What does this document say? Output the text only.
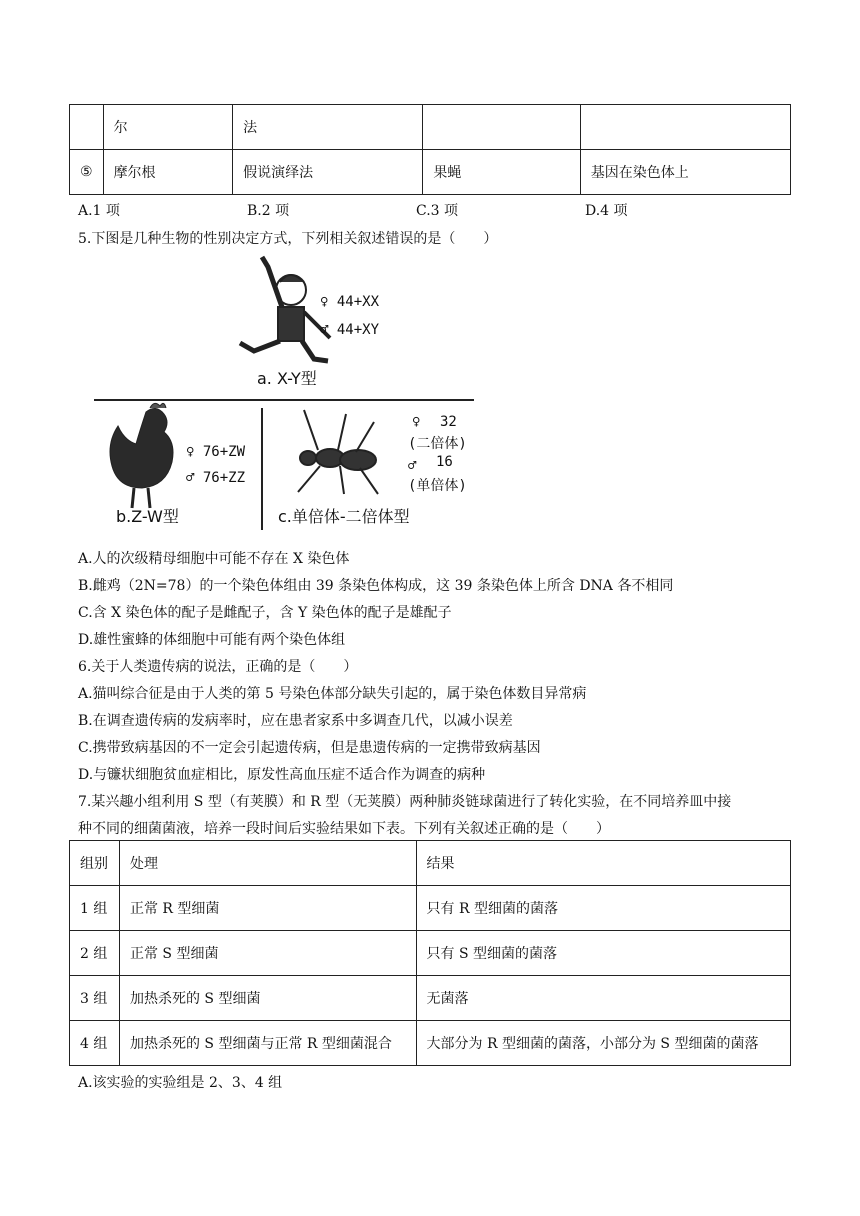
	尔	法		
⑤	摩尔根	假说演绎法	果蝇	基因在染色体上
A.1 项	B.2 项	C.3 项	D.4 项
5.下图是几种生物的性别决定方式，下列相关叙述错误的是（　　）
♀ 44+XX
♂ 44+XY
a. X-Y型
♀ 76+ZW
♂ 76+ZZ
b.Z-W型
♀ 32
(二倍体)
♂ 16
(单倍体)
c.单倍体-二倍体型
A.人的次级精母细胞中可能不存在 X 染色体
B.雌鸡（2N=78）的一个染色体组由 39 条染色体构成，这 39 条染色体上所含 DNA 各不相同
C.含 X 染色体的配子是雌配子，含 Y 染色体的配子是雄配子
D.雄性蜜蜂的体细胞中可能有两个染色体组
6.关于人类遗传病的说法，正确的是（　　）
A.猫叫综合征是由于人类的第 5 号染色体部分缺失引起的，属于染色体数目异常病
B.在调查遗传病的发病率时，应在患者家系中多调查几代，以减小误差
C.携带致病基因的不一定会引起遗传病，但是患遗传病的一定携带致病基因
D.与镰状细胞贫血症相比，原发性高血压症不适合作为调查的病种
7.某兴趣小组利用 S 型（有荚膜）和 R 型（无荚膜）两种肺炎链球菌进行了转化实验，在不同培养皿中接
种不同的细菌菌液，培养一段时间后实验结果如下表。下列有关叙述正确的是（　　）
组别	处理	结果
1 组	正常 R 型细菌	只有 R 型细菌的菌落
2 组	正常 S 型细菌	只有 S 型细菌的菌落
3 组	加热杀死的 S 型细菌	无菌落
4 组	加热杀死的 S 型细菌与正常 R 型细菌混合	大部分为 R 型细菌的菌落，小部分为 S 型细菌的菌落
A.该实验的实验组是 2、3、4 组
